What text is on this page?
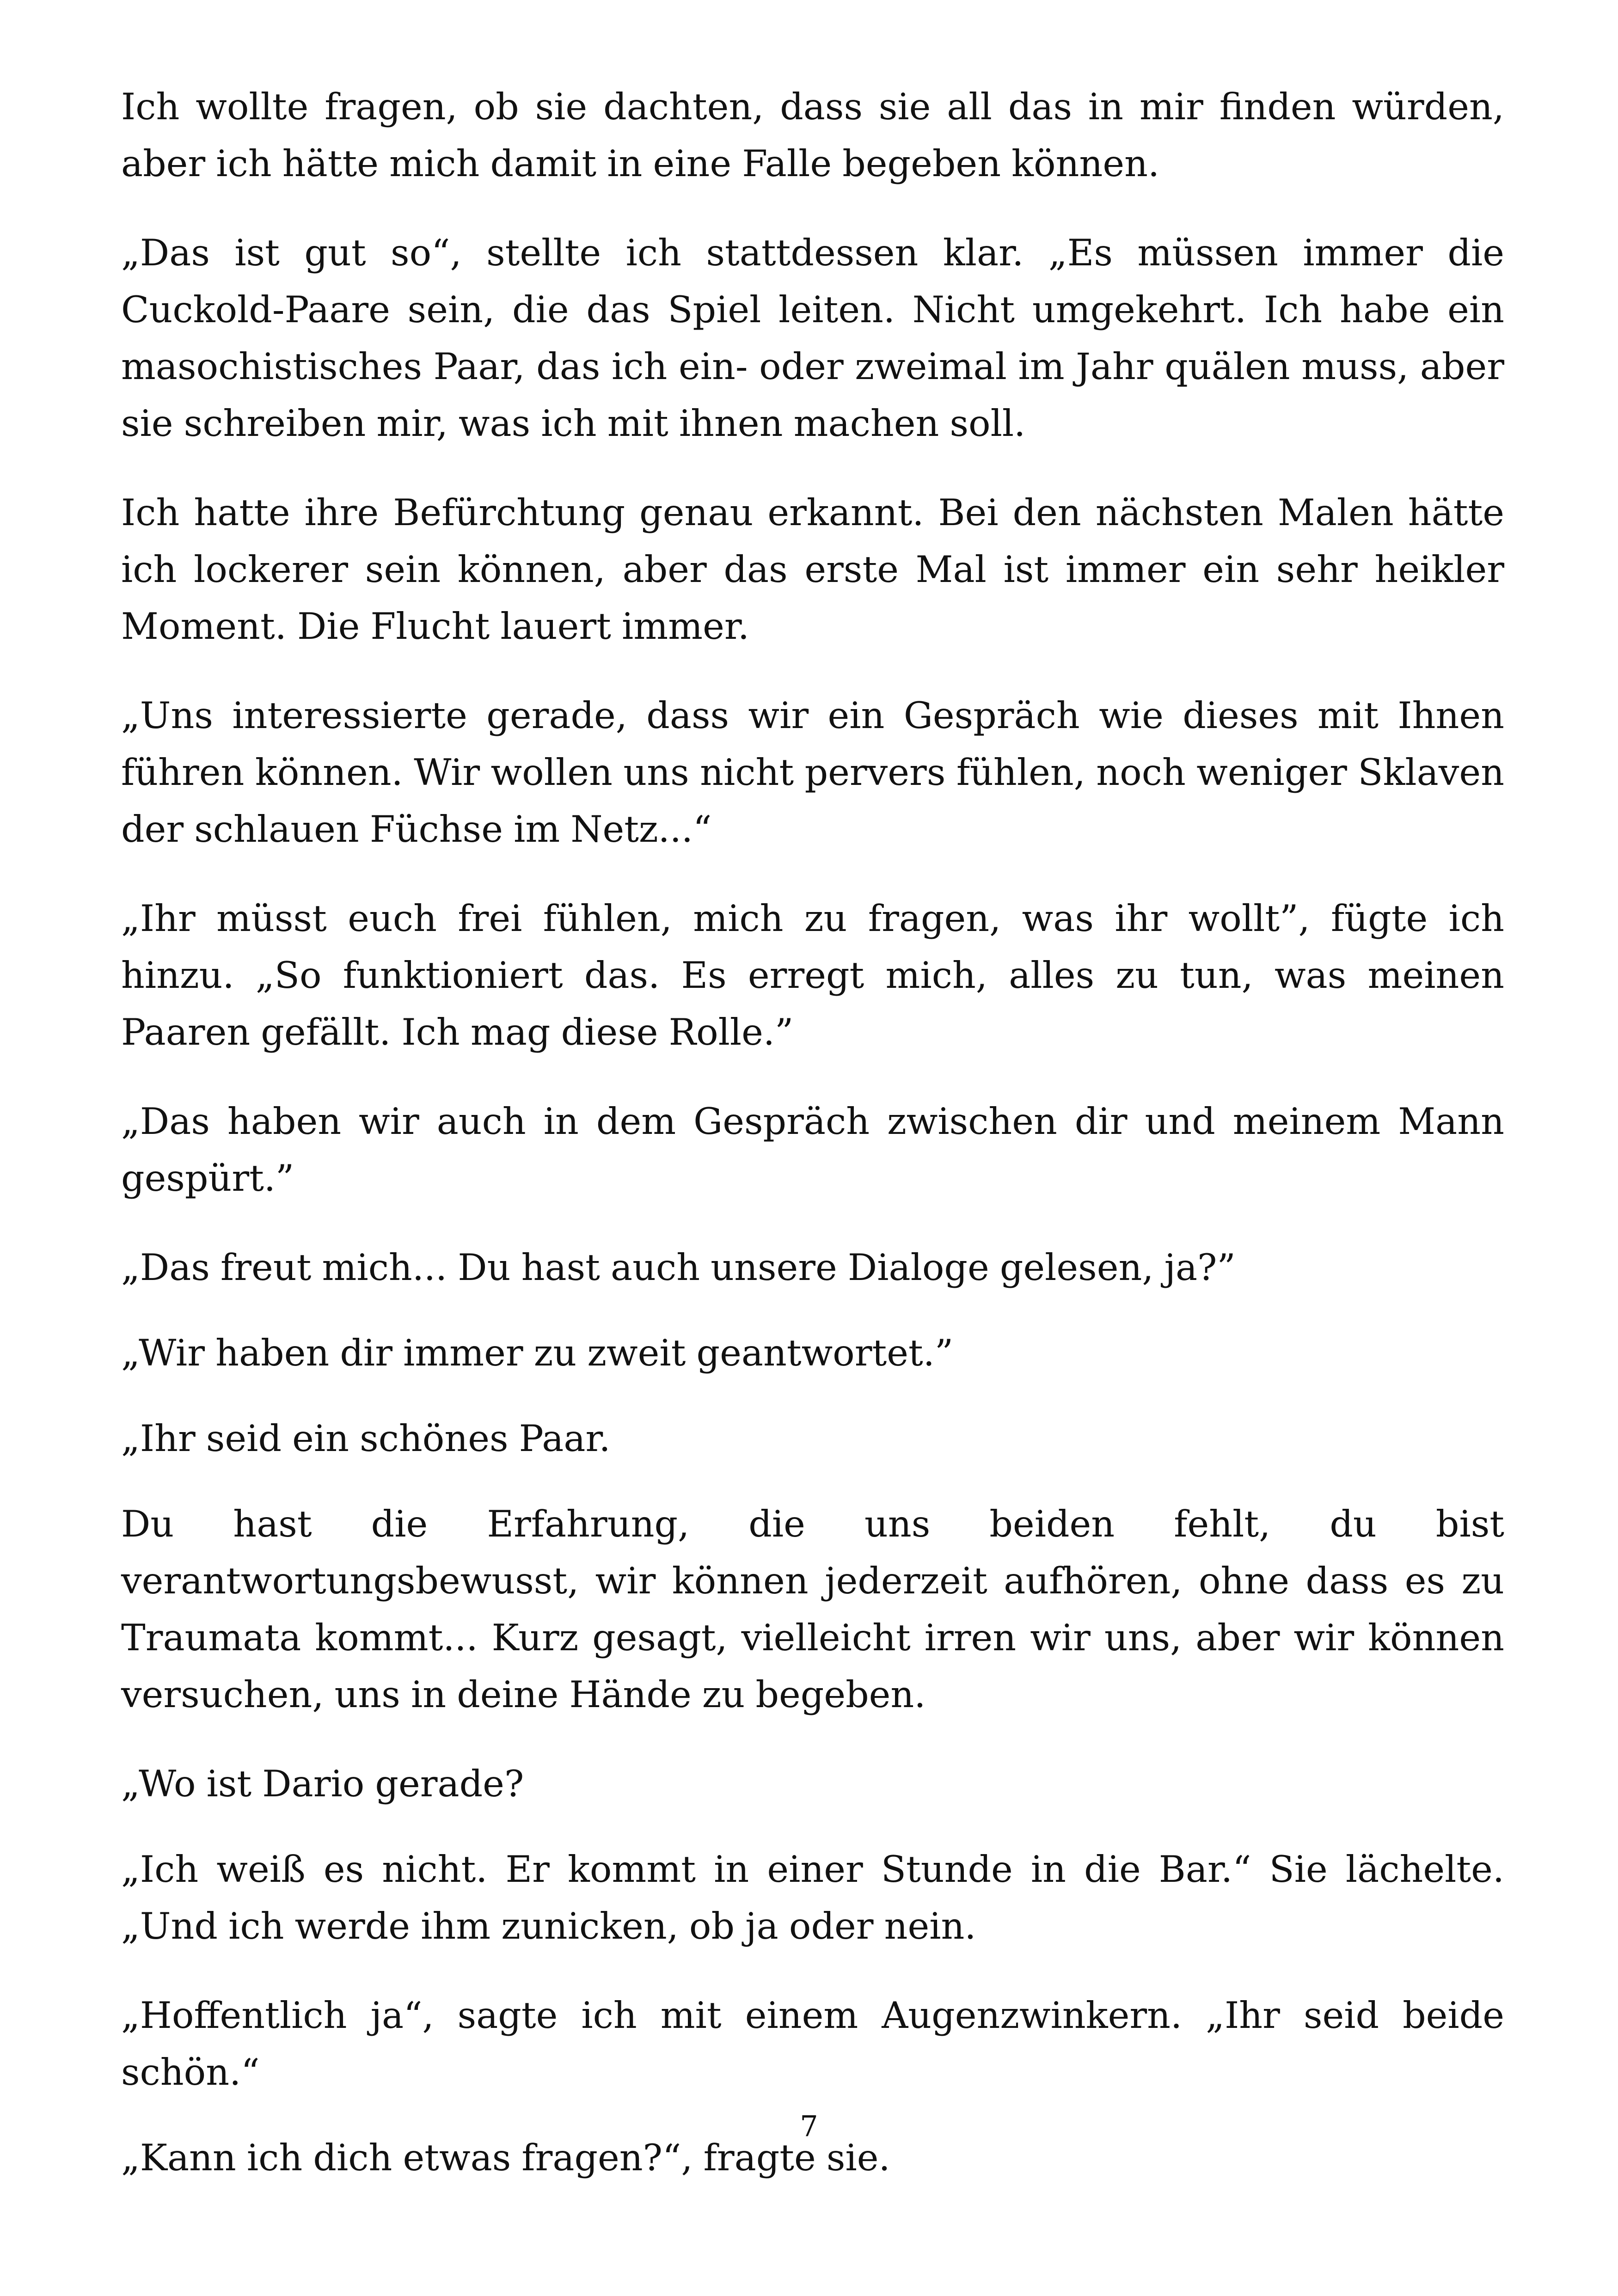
Ich wollte fragen, ob sie dachten, dass sie all das in mir finden würden, aber ich hätte mich damit in eine Falle begeben können.

„Das ist gut so“, stellte ich stattdessen klar. „Es müssen immer die Cuckold-Paare sein, die das Spiel leiten. Nicht umgekehrt. Ich habe ein masochistisches Paar, das ich ein- oder zweimal im Jahr quälen muss, aber sie schreiben mir, was ich mit ihnen machen soll.

Ich hatte ihre Befürchtung genau erkannt. Bei den nächsten Malen hätte ich lockerer sein können, aber das erste Mal ist immer ein sehr heikler Moment. Die Flucht lauert immer.

„Uns interessierte gerade, dass wir ein Gespräch wie dieses mit Ihnen führen können. Wir wollen uns nicht pervers fühlen, noch weniger Sklaven der schlauen Füchse im Netz...“

„Ihr müsst euch frei fühlen, mich zu fragen, was ihr wollt”, fügte ich hinzu. „So funktioniert das. Es erregt mich, alles zu tun, was meinen Paaren gefällt. Ich mag diese Rolle.”

„Das haben wir auch in dem Gespräch zwischen dir und meinem Mann gespürt.”

„Das freut mich... Du hast auch unsere Dialoge gelesen, ja?”

„Wir haben dir immer zu zweit geantwortet.”

„Ihr seid ein schönes Paar.

Du hast die Erfahrung, die uns beiden fehlt, du bist verantwortungsbewusst, wir können jederzeit aufhören, ohne dass es zu Traumata kommt... Kurz gesagt, vielleicht irren wir uns, aber wir können versuchen, uns in deine Hände zu begeben.

„Wo ist Dario gerade?

„Ich weiß es nicht. Er kommt in einer Stunde in die Bar.“ Sie lächelte. „Und ich werde ihm zunicken, ob ja oder nein.

„Hoffentlich ja“, sagte ich mit einem Augenzwinkern. „Ihr seid beide schön.“

„Kann ich dich etwas fragen?“, fragte sie.

7
